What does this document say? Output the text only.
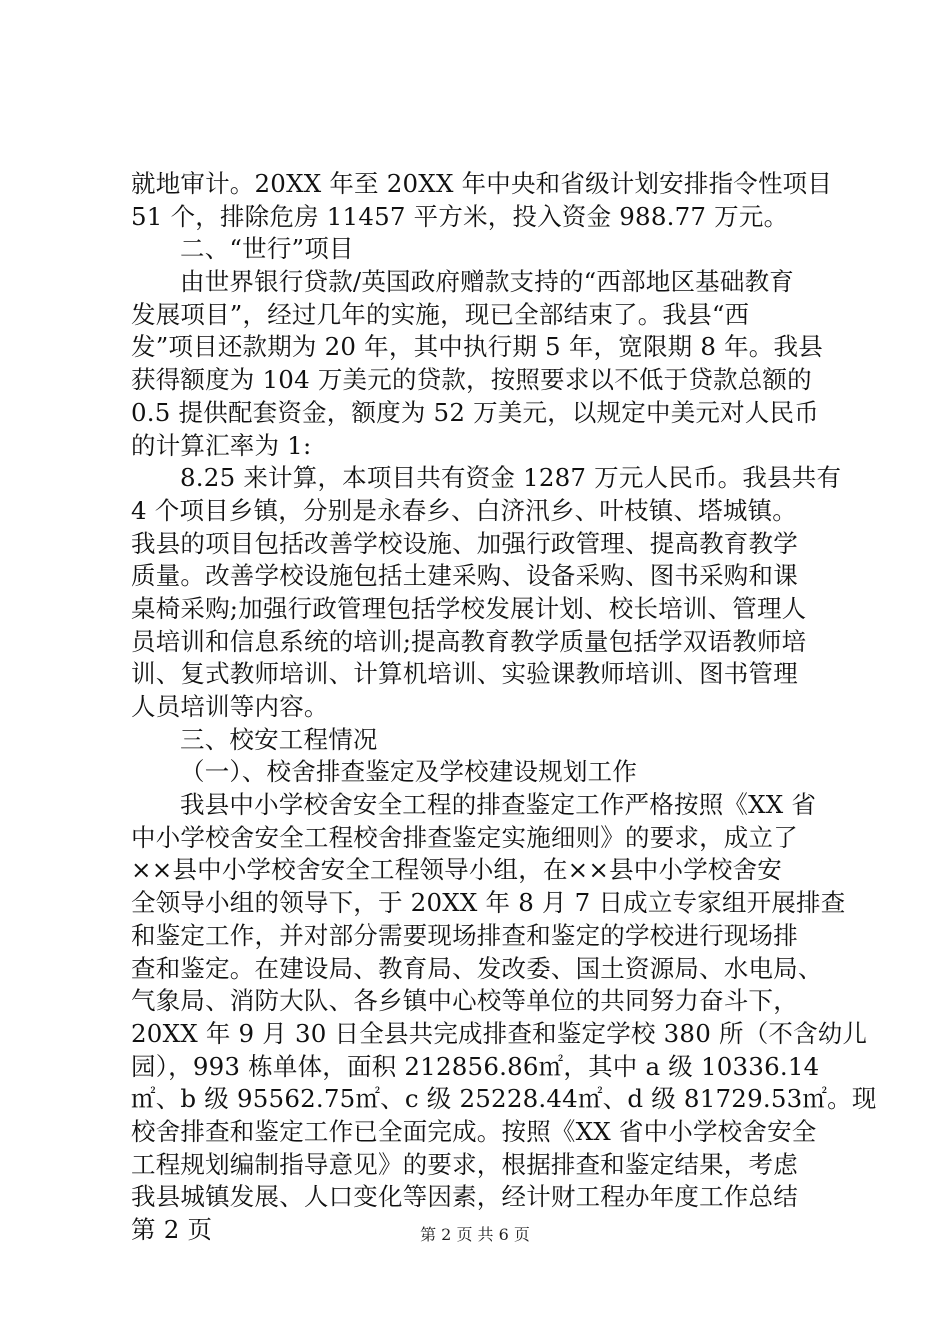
就地审计。20XX 年至 20XX 年中央和省级计划安排指令性项目
51 个，排除危房 11457 平方米，投入资金 988.77 万元。
二、“世行”项目
由世界银行贷款/英国政府赠款支持的“西部地区基础教育
发展项目”，经过几年的实施，现已全部结束了。我县“西
发”项目还款期为 20 年，其中执行期 5 年，宽限期 8 年。我县
获得额度为 104 万美元的贷款，按照要求以不低于贷款总额的
0.5 提供配套资金，额度为 52 万美元，以规定中美元对人民币
的计算汇率为 1:
8.25 来计算，本项目共有资金 1287 万元人民币。我县共有
4 个项目乡镇，分别是永春乡、白济汛乡、叶枝镇、塔城镇。
我县的项目包括改善学校设施、加强行政管理、提高教育教学
质量。改善学校设施包括土建采购、设备采购、图书采购和课
桌椅采购;加强行政管理包括学校发展计划、校长培训、管理人
员培训和信息系统的培训;提高教育教学质量包括学双语教师培
训、复式教师培训、计算机培训、实验课教师培训、图书管理
人员培训等内容。
三、校安工程情况
（一）、校舍排查鉴定及学校建设规划工作
我县中小学校舍安全工程的排查鉴定工作严格按照《XX 省
中小学校舍安全工程校舍排查鉴定实施细则》的要求，成立了
××县中小学校舍安全工程领导小组，在××县中小学校舍安
全领导小组的领导下，于 20XX 年 8 月 7 日成立专家组开展排查
和鉴定工作，并对部分需要现场排查和鉴定的学校进行现场排
查和鉴定。在建设局、教育局、发改委、国土资源局、水电局、
气象局、消防大队、各乡镇中心校等单位的共同努力奋斗下，
20XX 年 9 月 30 日全县共完成排查和鉴定学校 380 所（不含幼儿
园），993 栋单体，面积 212856.86㎡，其中 a 级 10336.14
㎡、b 级 95562.75㎡、c 级 25228.44㎡、d 级 81729.53㎡。现
校舍排查和鉴定工作已全面完成。按照《XX 省中小学校舍安全
工程规划编制指导意见》的要求，根据排查和鉴定结果，考虑
我县城镇发展、人口变化等因素，经计财工程办年度工作总结
第 2 页	第 2 页 共 6 页
